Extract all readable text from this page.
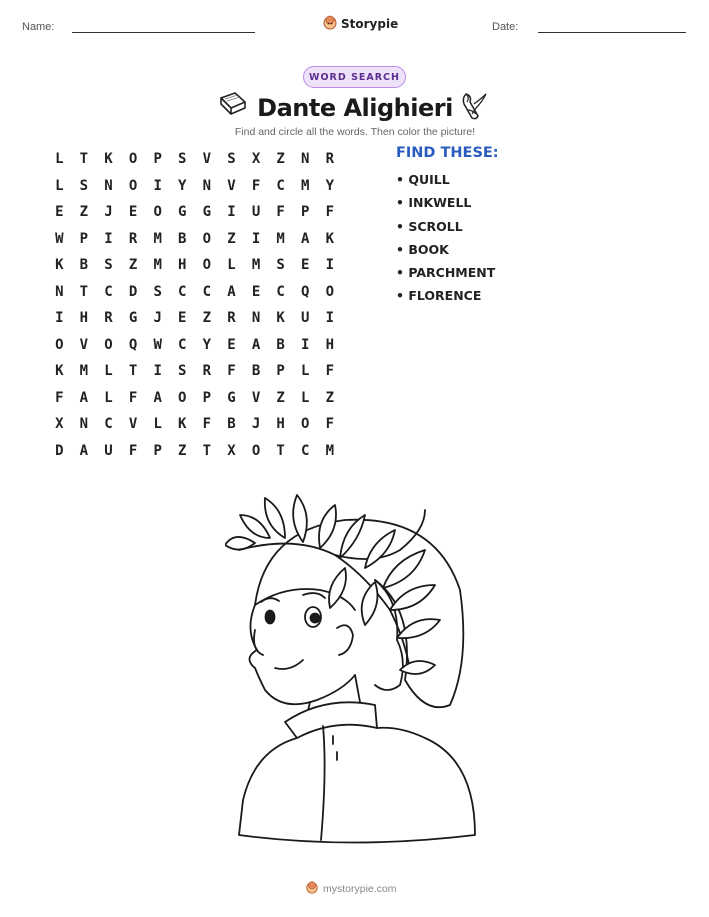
Name:	Storypie	Date:
WORD SEARCH
Dante Alighieri
Find and circle all the words. Then color the picture!
L	T	K	O	P	S	V	S	X	Z	N	R
L	S	N	O	I	Y	N	V	F	C	M	Y
E	Z	J	E	O	G	G	I	U	F	P	F
W	P	I	R	M	B	O	Z	I	M	A	K
K	B	S	Z	M	H	O	L	M	S	E	I
N	T	C	D	S	C	C	A	E	C	Q	O
I	H	R	G	J	E	Z	R	N	K	U	I
O	V	O	Q	W	C	Y	E	A	B	I	H
K	M	L	T	I	S	R	F	B	P	L	F
F	A	L	F	A	O	P	G	V	Z	L	Z
X	N	C	V	L	K	F	B	J	H	O	F
D	A	U	F	P	Z	T	X	O	T	C	M
FIND THESE:
• QUILL
• INKWELL
• SCROLL
• BOOK
• PARCHMENT
• FLORENCE
mystorypie.com
